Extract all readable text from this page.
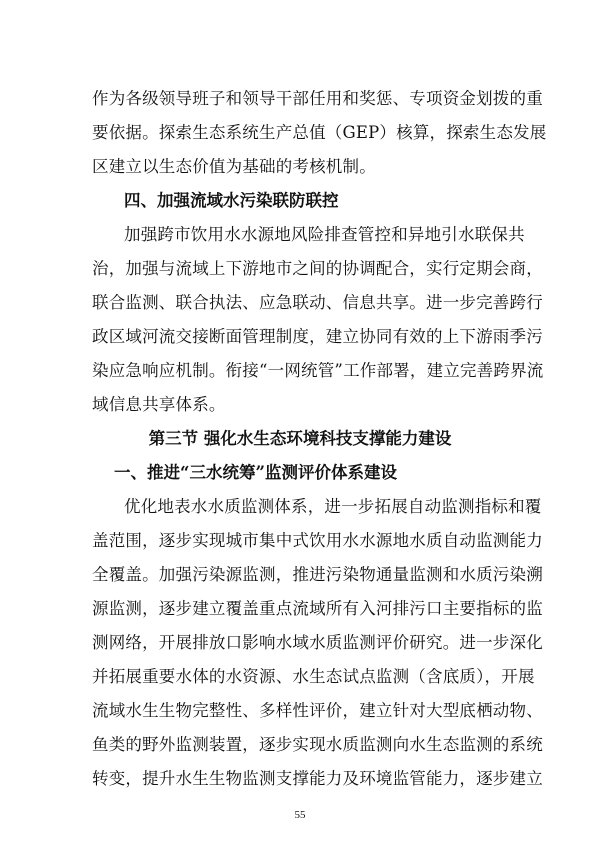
作为各级领导班子和领导干部任用和奖惩、专项资金划拨的重
要依据。探索生态系统生产总值（GEP）核算，探索生态发展
区建立以生态价值为基础的考核机制。
四、加强流域水污染联防联控
加强跨市饮用水水源地风险排查管控和异地引水联保共
治，加强与流域上下游地市之间的协调配合，实行定期会商，
联合监测、联合执法、应急联动、信息共享。进一步完善跨行
政区域河流交接断面管理制度，建立协同有效的上下游雨季污
染应急响应机制。衔接“一网统管”工作部署，建立完善跨界流
域信息共享体系。
第三节 强化水生态环境科技支撑能力建设
一、推进“三水统筹”监测评价体系建设
优化地表水水质监测体系，进一步拓展自动监测指标和覆
盖范围，逐步实现城市集中式饮用水水源地水质自动监测能力
全覆盖。加强污染源监测，推进污染物通量监测和水质污染溯
源监测，逐步建立覆盖重点流域所有入河排污口主要指标的监
测网络，开展排放口影响水域水质监测评价研究。进一步深化
并拓展重要水体的水资源、水生态试点监测（含底质），开展
流域水生生物完整性、多样性评价，建立针对大型底栖动物、
鱼类的野外监测装置，逐步实现水质监测向水生态监测的系统
转变，提升水生生物监测支撑能力及环境监管能力，逐步建立
55
